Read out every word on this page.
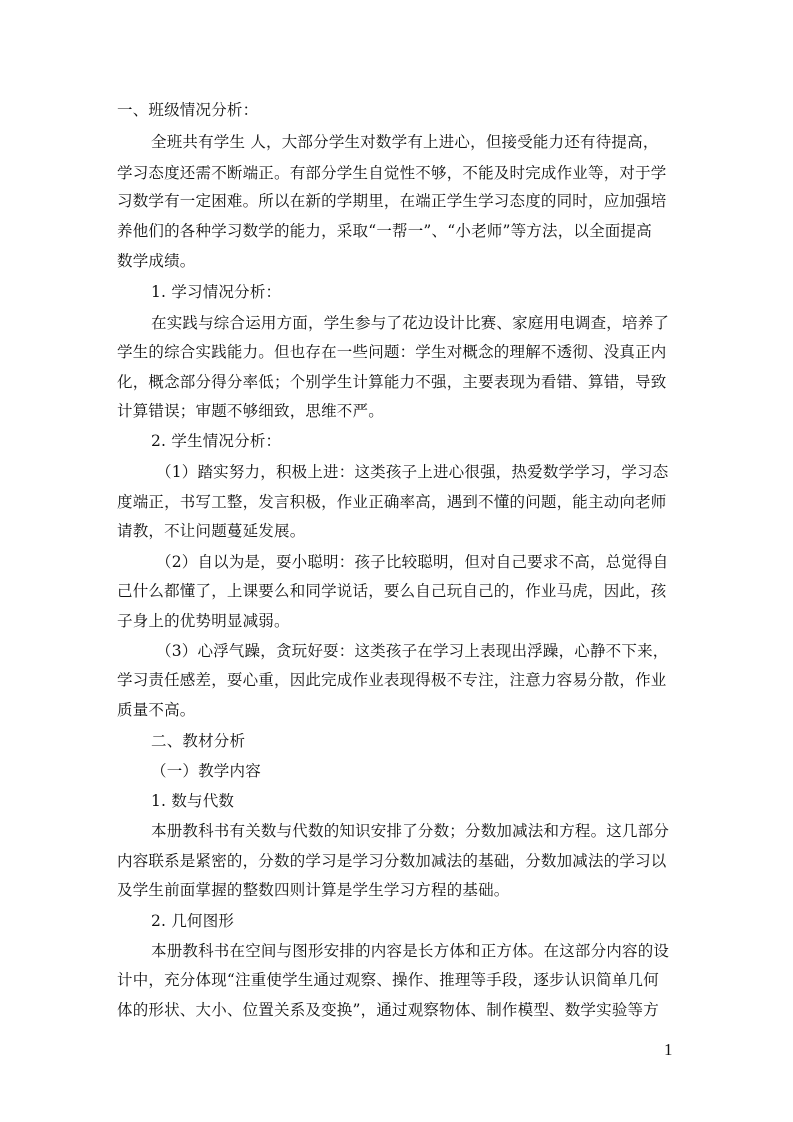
一、班级情况分析：
全班共有学生 人，大部分学生对数学有上进心，但接受能力还有待提高，
学习态度还需不断端正。有部分学生自觉性不够，不能及时完成作业等，对于学
习数学有一定困难。所以在新的学期里，在端正学生学习态度的同时，应加强培
养他们的各种学习数学的能力，采取“一帮一”、“小老师”等方法，以全面提高
数学成绩。
1. 学习情况分析：
在实践与综合运用方面，学生参与了花边设计比赛、家庭用电调查，培养了
学生的综合实践能力。但也存在一些问题：学生对概念的理解不透彻、没真正内
化，概念部分得分率低；个别学生计算能力不强，主要表现为看错、算错，导致
计算错误；审题不够细致，思维不严。
2. 学生情况分析：
（1）踏实努力，积极上进：这类孩子上进心很强，热爱数学学习，学习态
度端正，书写工整，发言积极，作业正确率高，遇到不懂的问题，能主动向老师
请教，不让问题蔓延发展。
（2）自以为是，耍小聪明：孩子比较聪明，但对自己要求不高，总觉得自
己什么都懂了，上课要么和同学说话，要么自己玩自己的，作业马虎，因此，孩
子身上的优势明显减弱。
（3）心浮气躁，贪玩好耍：这类孩子在学习上表现出浮躁，心静不下来，
学习责任感差，耍心重，因此完成作业表现得极不专注，注意力容易分散，作业
质量不高。
二、教材分析
（一）教学内容
1. 数与代数
本册教科书有关数与代数的知识安排了分数；分数加减法和方程。这几部分
内容联系是紧密的，分数的学习是学习分数加减法的基础，分数加减法的学习以
及学生前面掌握的整数四则计算是学生学习方程的基础。
2. 几何图形
本册教科书在空间与图形安排的内容是长方体和正方体。在这部分内容的设
计中，充分体现“注重使学生通过观察、操作、推理等手段，逐步认识简单几何
体的形状、大小、位置关系及变换”，通过观察物体、制作模型、数学实验等方
1
